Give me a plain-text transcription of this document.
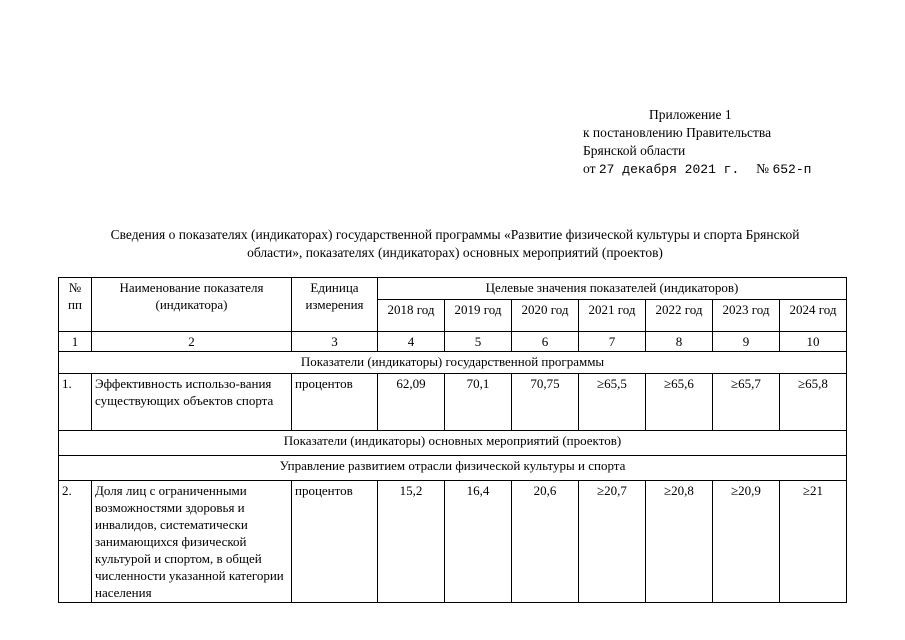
Приложение 1
к постановлению Правительства
Брянской области
от 27 декабря 2021 г. № 652-п
Сведения о показателях (индикаторах) государственной программы «Развитие физической культуры и спорта Брянской
области», показателях (индикаторах) основных мероприятий (проектов)
№ пп	Наименование показателя (индикатора)	Единица измерения	Целевые значения показателей (индикаторов)						
			2018 год	2019 год	2020 год	2021 год	2022 год	2023 год	2024 год
1	2	3	4	5	6	7	8	9	10
Показатели (индикаторы) государственной программы									
1.	Эффективность использо-вания существующих объектов спорта	процентов	62,09	70,1	70,75	≥65,5	≥65,6	≥65,7	≥65,8
Показатели (индикаторы) основных мероприятий (проектов)									
Управление развитием отрасли физической культуры и спорта									
2.	Доля лиц с ограниченными возможностями здоровья и инвалидов, систематически занимающихся физической культурой и спортом, в общей численности указанной категории населения	процентов	15,2	16,4	20,6	≥20,7	≥20,8	≥20,9	≥21
